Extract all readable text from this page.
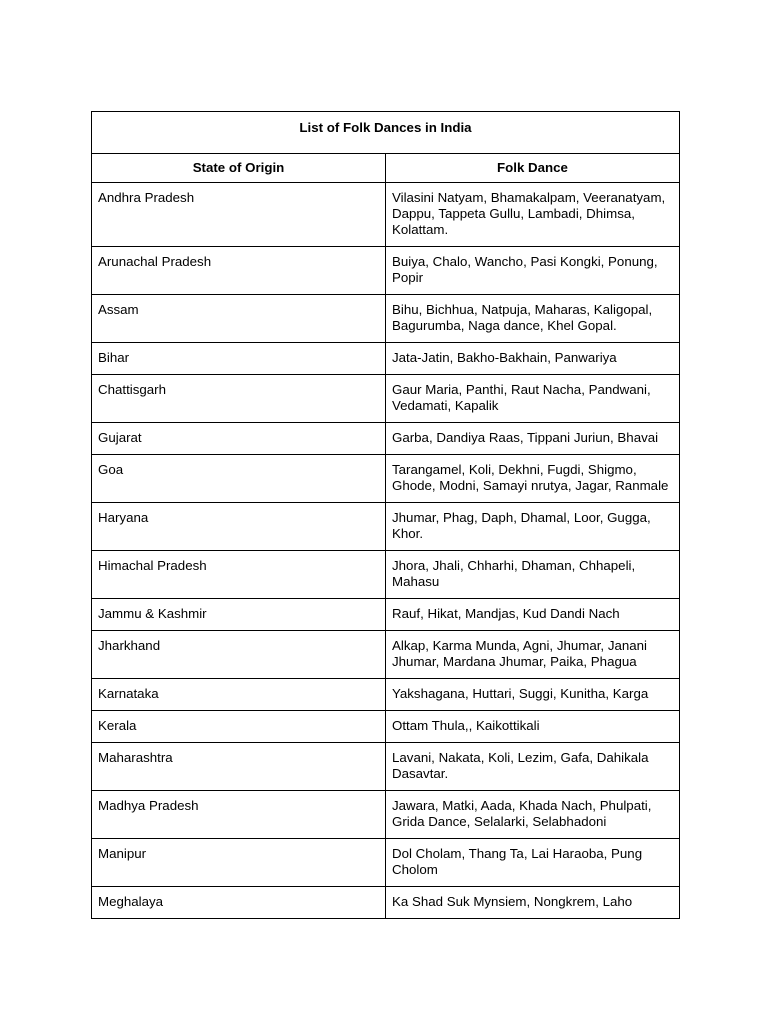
List of Folk Dances in India	
State of Origin	Folk Dance
Andhra Pradesh	Vilasini Natyam, Bhamakalpam, Veeranatyam, Dappu, Tappeta Gullu, Lambadi, Dhimsa, Kolattam.
Arunachal Pradesh	Buiya, Chalo, Wancho, Pasi Kongki, Ponung, Popir
Assam	Bihu, Bichhua, Natpuja, Maharas, Kaligopal, Bagurumba, Naga dance, Khel Gopal.
Bihar	Jata-Jatin, Bakho-Bakhain, Panwariya
Chattisgarh	Gaur Maria, Panthi, Raut Nacha, Pandwani, Vedamati, Kapalik
Gujarat	Garba, Dandiya Raas, Tippani Juriun, Bhavai
Goa	Tarangamel, Koli, Dekhni, Fugdi, Shigmo, Ghode, Modni, Samayi nrutya, Jagar, Ranmale
Haryana	Jhumar, Phag, Daph, Dhamal, Loor, Gugga, Khor.
Himachal Pradesh	Jhora, Jhali, Chharhi, Dhaman, Chhapeli, Mahasu
Jammu & Kashmir	Rauf, Hikat, Mandjas, Kud Dandi Nach
Jharkhand	Alkap, Karma Munda, Agni, Jhumar, Janani Jhumar, Mardana Jhumar, Paika, Phagua
Karnataka	Yakshagana, Huttari, Suggi, Kunitha, Karga
Kerala	Ottam Thula,, Kaikottikali
Maharashtra	Lavani, Nakata, Koli, Lezim, Gafa, Dahikala Dasavtar.
Madhya Pradesh	Jawara, Matki, Aada, Khada Nach, Phulpati, Grida Dance, Selalarki, Selabhadoni
Manipur	Dol Cholam, Thang Ta, Lai Haraoba, Pung Cholom
Meghalaya	Ka Shad Suk Mynsiem, Nongkrem, Laho
